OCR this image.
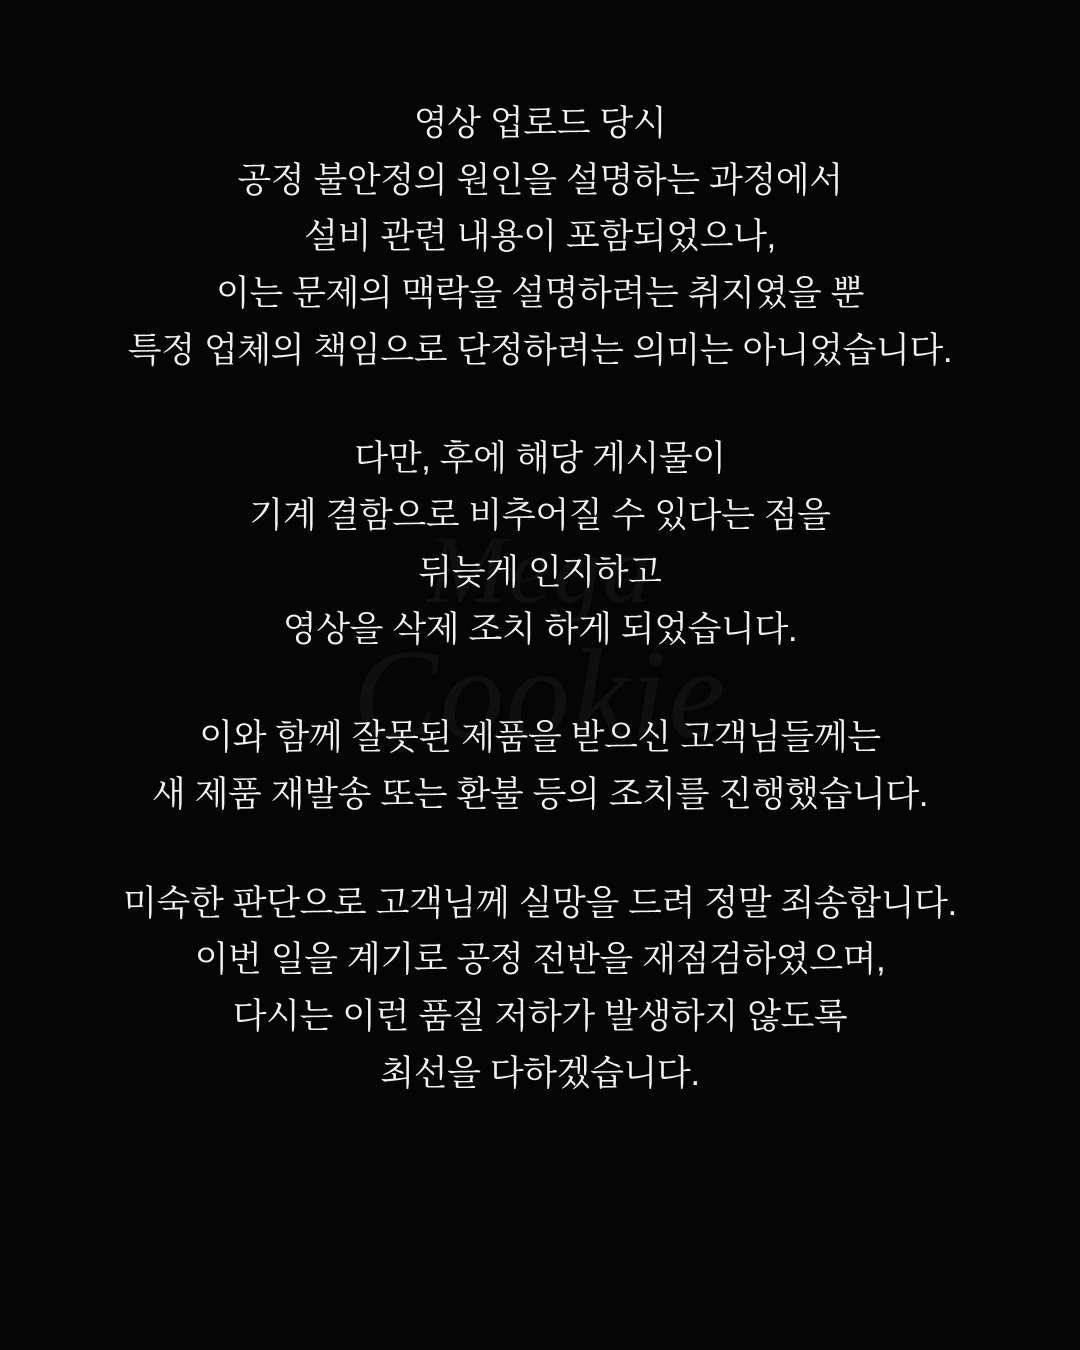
영상 업로드 당시
공정 불안정의 원인을 설명하는 과정에서
설비 관련 내용이 포함되었으나,
이는 문제의 맥락을 설명하려는 취지였을 뿐
특정 업체의 책임으로 단정하려는 의미는 아니었습니다.
다만, 후에 해당 게시물이
기계 결함으로 비추어질 수 있다는 점을
뒤늦게 인지하고
영상을 삭제 조치 하게 되었습니다.
이와 함께 잘못된 제품을 받으신 고객님들께는
새 제품 재발송 또는 환불 등의 조치를 진행했습니다.
미숙한 판단으로 고객님께 실망을 드려 정말 죄송합니다.
이번 일을 계기로 공정 전반을 재점검하였으며,
다시는 이런 품질 저하가 발생하지 않도록
최선을 다하겠습니다.
